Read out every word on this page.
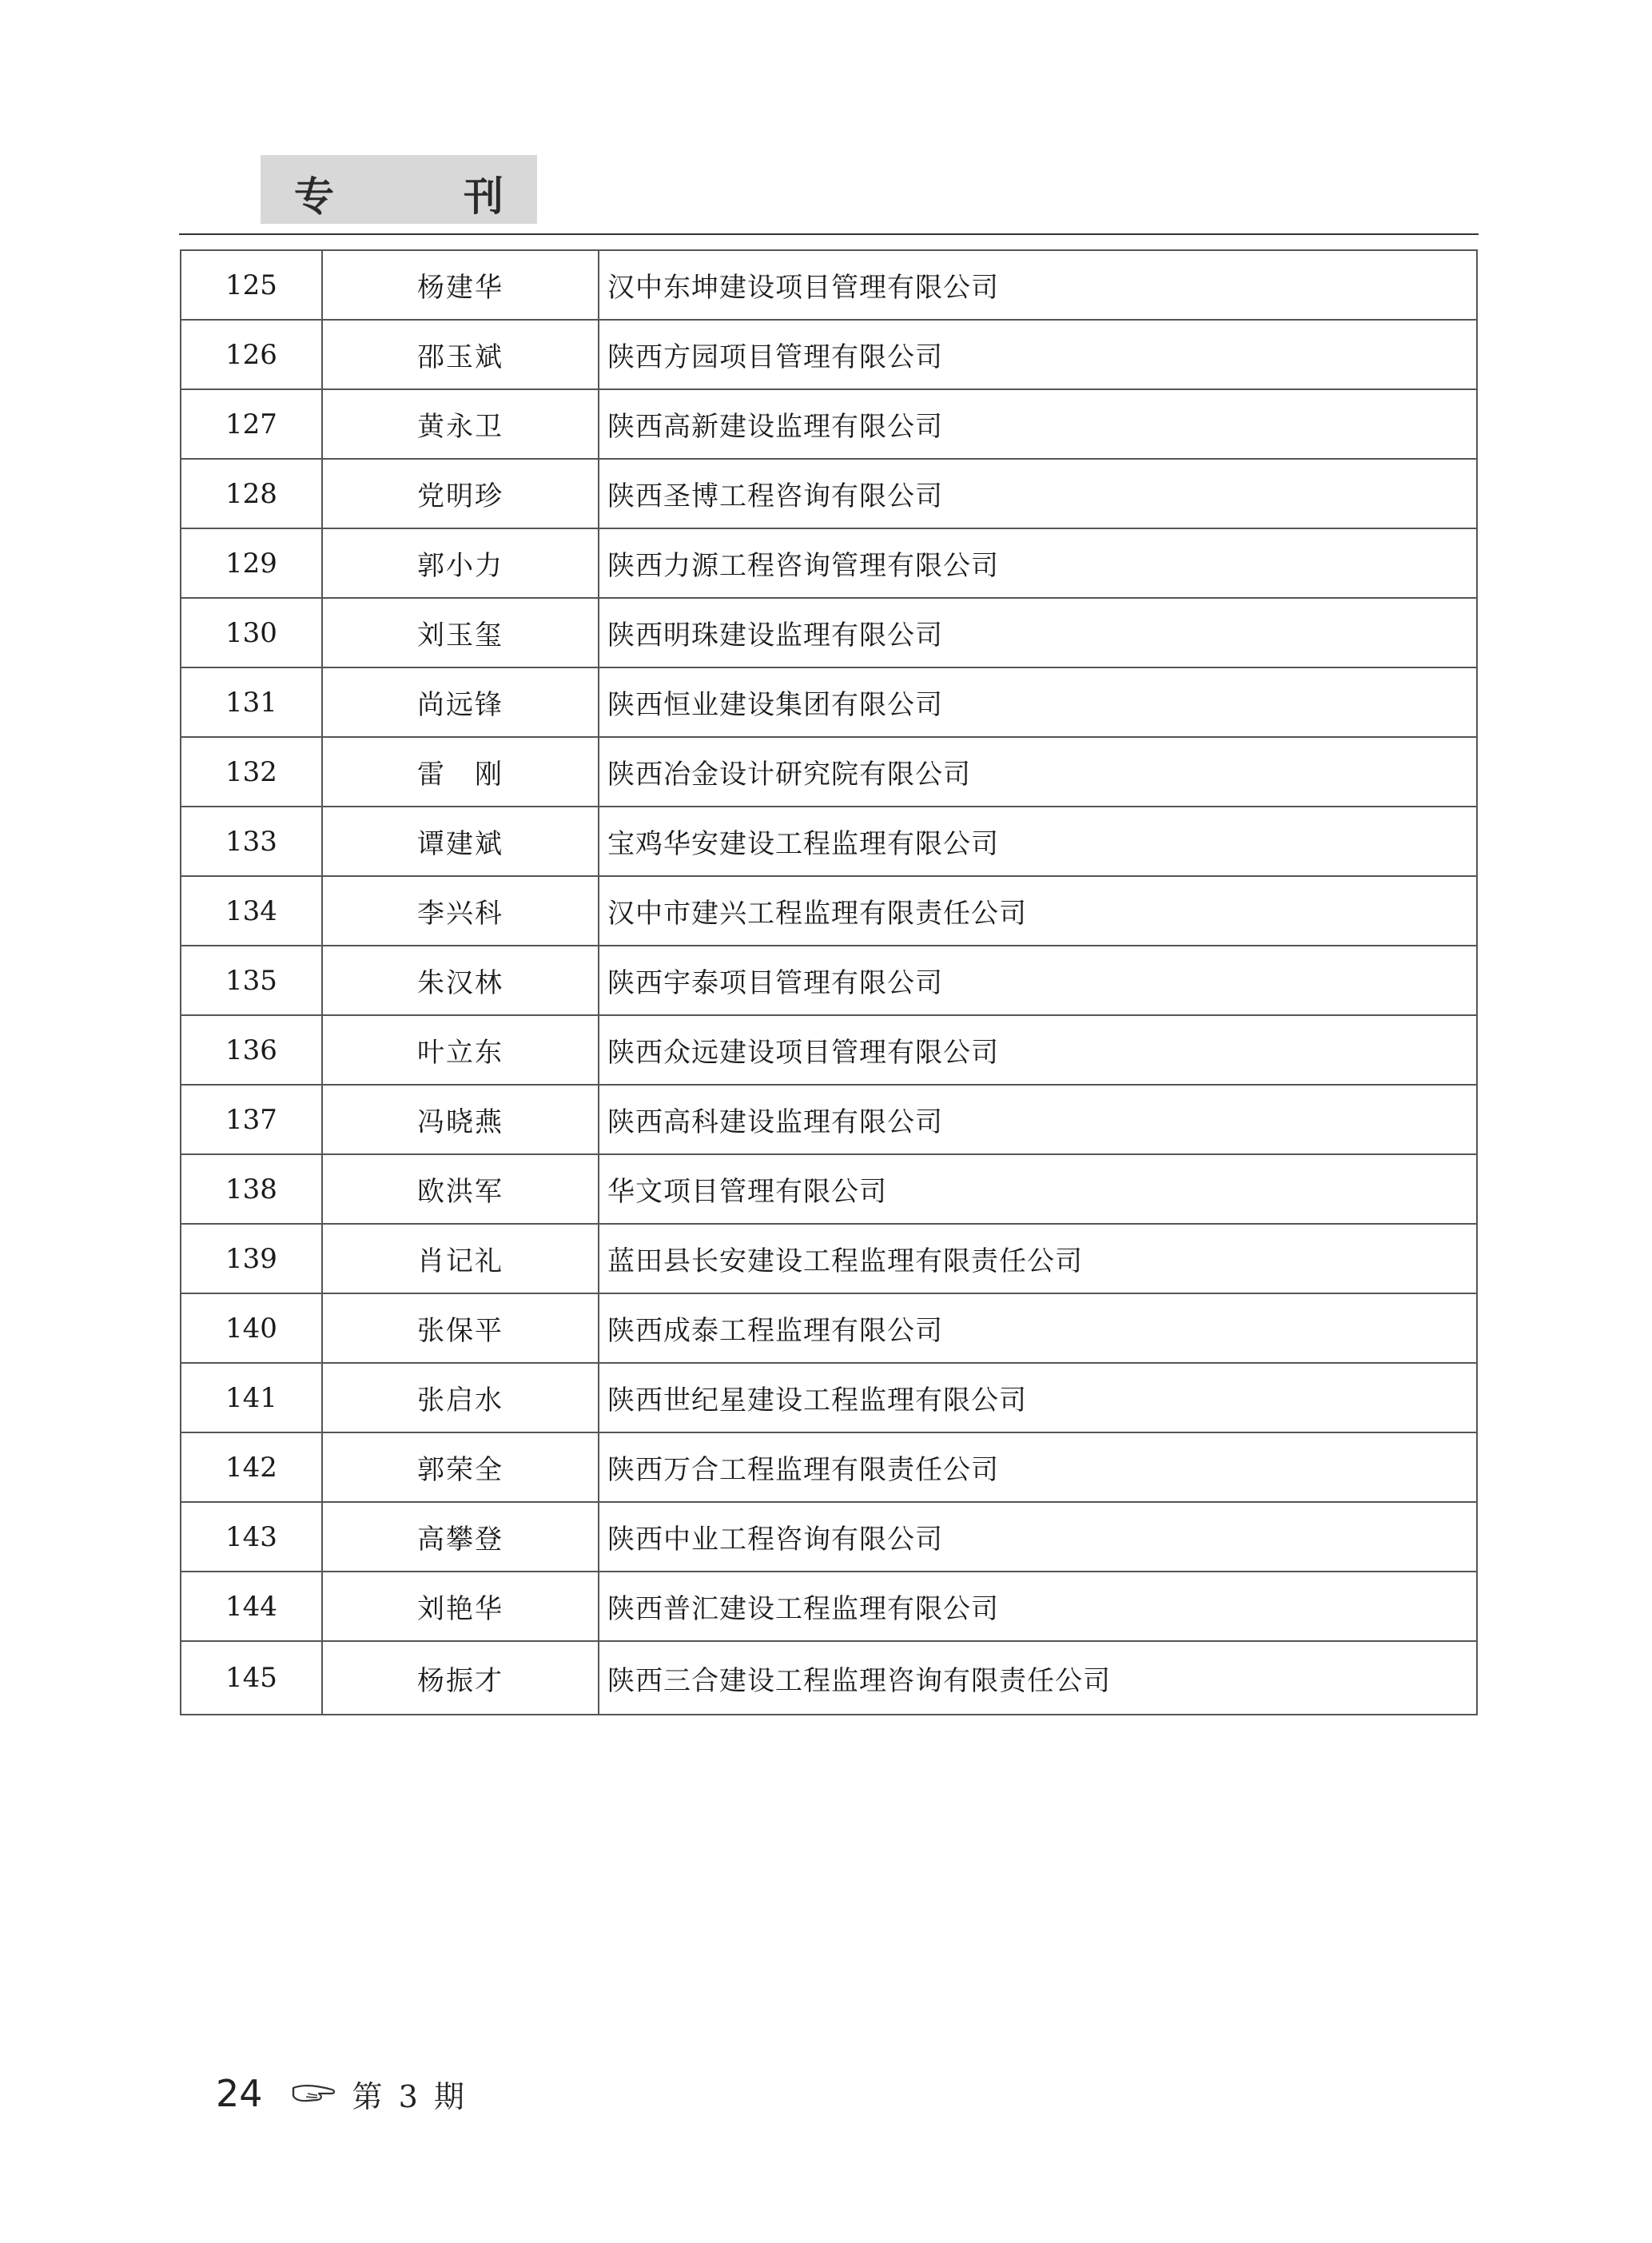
专	刊
125	杨建华	汉中东坤建设项目管理有限公司
126	邵玉斌	陕西方园项目管理有限公司
127	黄永卫	陕西高新建设监理有限公司
128	党明珍	陕西圣博工程咨询有限公司
129	郭小力	陕西力源工程咨询管理有限公司
130	刘玉玺	陕西明珠建设监理有限公司
131	尚远锋	陕西恒业建设集团有限公司
132	雷　刚	陕西冶金设计研究院有限公司
133	谭建斌	宝鸡华安建设工程监理有限公司
134	李兴科	汉中市建兴工程监理有限责任公司
135	朱汉林	陕西宇泰项目管理有限公司
136	叶立东	陕西众远建设项目管理有限公司
137	冯晓燕	陕西高科建设监理有限公司
138	欧洪军	华文项目管理有限公司
139	肖记礼	蓝田县长安建设工程监理有限责任公司
140	张保平	陕西成泰工程监理有限公司
141	张启水	陕西世纪星建设工程监理有限公司
142	郭荣全	陕西万合工程监理有限责任公司
143	高攀登	陕西中业工程咨询有限公司
144	刘艳华	陕西普汇建设工程监理有限公司
145	杨振才	陕西三合建设工程监理咨询有限责任公司
24	第 3 期
